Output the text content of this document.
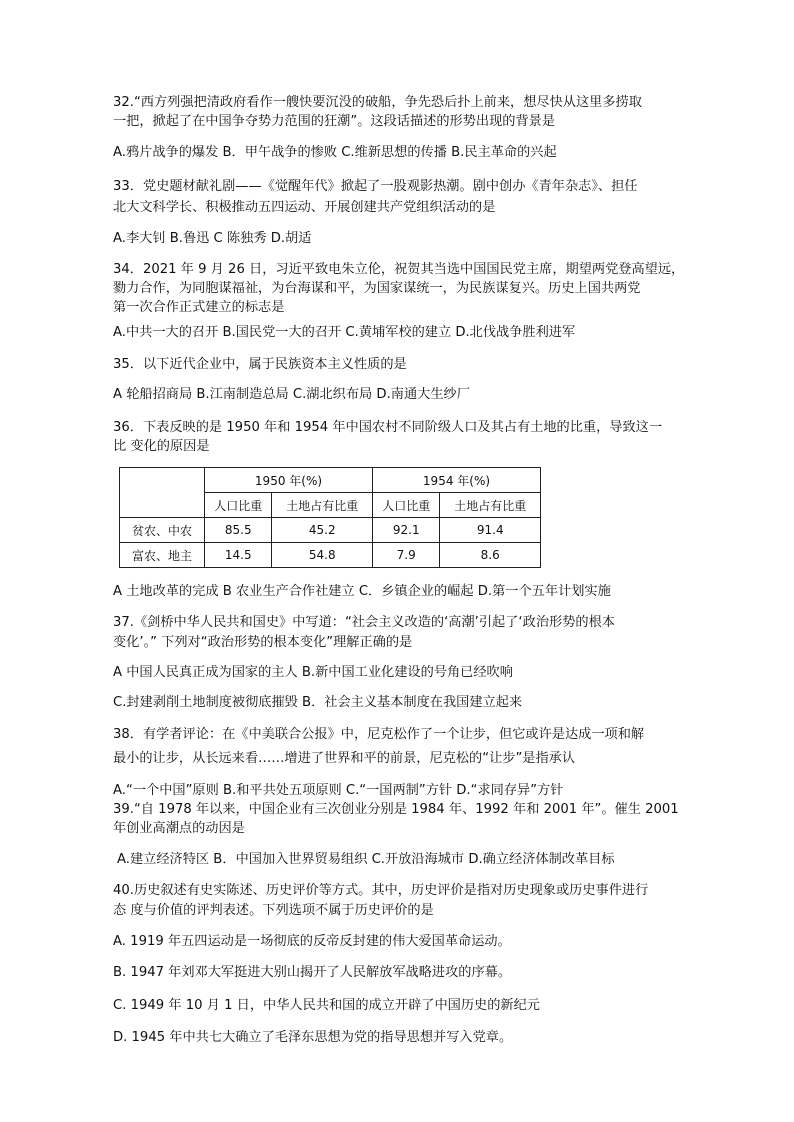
32.“西方列强把清政府看作一艘快要沉没的破船，争先恐后扑上前来，想尽快从这里多捞取
一把，掀起了在中国争夺势力范围的狂潮”。这段话描述的形势出现的背景是
A.鸦片战争的爆发 B．甲午战争的惨败 C.维新思想的传播 B.民主革命的兴起
33．党史题材献礼剧——《觉醒年代》掀起了一股观影热潮。剧中创办《青年杂志》、担任
北大文科学长、积极推动五四运动、开展创建共产党组织活动的是
A.李大钊 B.鲁迅 C 陈独秀 D.胡适
34．2021 年 9 月 26 日，习近平致电朱立伦，祝贺其当选中国国民党主席，期望两党登高望远，
勠力合作，为同胞谋福祉，为台海谋和平，为国家谋统一，为民族谋复兴。历史上国共两党
第一次合作正式建立的标志是
A.中共一大的召开 B.国民党一大的召开 C.黄埔军校的建立 D.北伐战争胜利进军
35．以下近代企业中，属于民族资本主义性质的是
A 轮船招商局 B.江南制造总局 C.湖北织布局 D.南通大生纱厂
36．下表反映的是 1950 年和 1954 年中国农村不同阶级人口及其占有土地的比重，导致这一
比 变化的原因是
	1950 年(%)		1954 年(%)	
	人口比重	土地占有比重	人口比重	土地占有比重
贫农、中农	85.5	45.2	92.1	91.4
富农、地主	14.5	54.8	7.9	8.6
A 土地改革的完成 B 农业生产合作社建立 C．乡镇企业的崛起 D.第一个五年计划实施
37.《剑桥中华人民共和国史》中写道：“社会主义改造的‘高潮’引起了‘政治形势的根本
变化’。” 下列对“政治形势的根本变化”理解正确的是
A 中国人民真正成为国家的主人 B.新中国工业化建设的号角已经吹响
C.封建剥削土地制度被彻底摧毁 B．社会主义基本制度在我国建立起来
38．有学者评论：在《中美联合公报》中，尼克松作了一个让步，但它或许是达成一项和解
最小的让步，从长远来看……增进了世界和平的前景，尼克松的“让步”是指承认
A.“一个中国”原则 B.和平共处五项原则 C.“一国两制”方针 D.“求同存异”方针
39.“自 1978 年以来，中国企业有三次创业分别是 1984 年、1992 年和 2001 年”。催生 2001
年创业高潮点的动因是
A.建立经济特区 B．中国加入世界贸易组织 C.开放沿海城市 D.确立经济体制改革目标
40.历史叙述有史实陈述、历史评价等方式。其中，历史评价是指对历史现象或历史事件进行
态 度与价值的评判表述。下列选项不属于历史评价的是
A. 1919 年五四运动是一场彻底的反帝反封建的伟大爱国革命运动。
B. 1947 年刘邓大军挺进大别山揭开了人民解放军战略进攻的序幕。
C. 1949 年 10 月 1 日，中华人民共和国的成立开辟了中国历史的新纪元
D. 1945 年中共七大确立了毛泽东思想为党的指导思想并写入党章。
